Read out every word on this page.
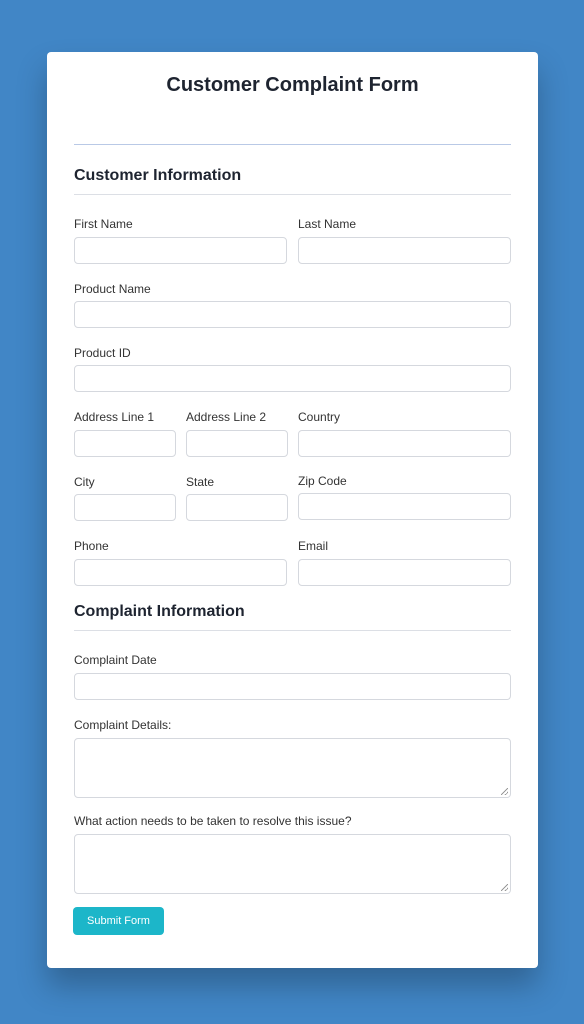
Customer Complaint Form
Customer Information
First Name	Last Name
Product Name
Product ID
Address Line 1	Address Line 2	Country
City	State	Zip Code
Phone	Email
Complaint Information
Complaint Date
Complaint Details:
What action needs to be taken to resolve this issue?
Submit Form
